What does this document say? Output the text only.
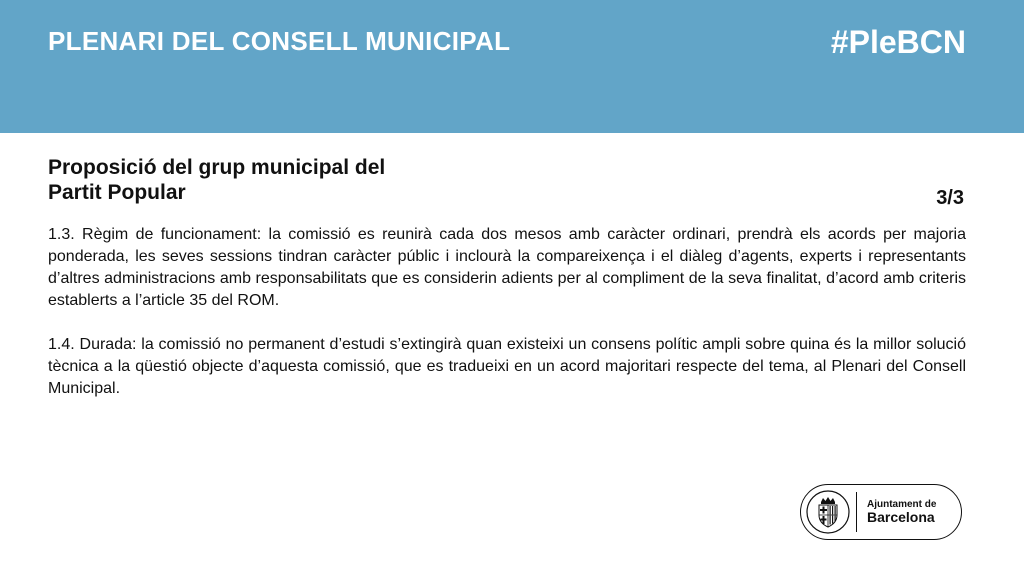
PLENARI DEL CONSELL MUNICIPAL	#PleBCN
Proposició del grup municipal del
Partit Popular	3/3

1.3. Règim de funcionament: la comissió es reunirà cada dos mesos amb caràcter ordinari, prendrà els acords per majoria ponderada, les seves sessions tindran caràcter públic i inclourà la compareixença i el diàleg d’agents, experts i representants d’altres administracions amb responsabilitats que es considerin adients per al compliment de la seva finalitat, d’acord amb criteris establerts a l’article 35 del ROM.

1.4. Durada: la comissió no permanent d’estudi s’extingirà quan existeixi un consens polític ampli sobre quina és la millor solució tècnica a la qüestió objecte d’aquesta comissió, que es tradueixi en un acord majoritari respecte del tema, al Plenari del Consell Municipal.

Ajuntament de
Barcelona
